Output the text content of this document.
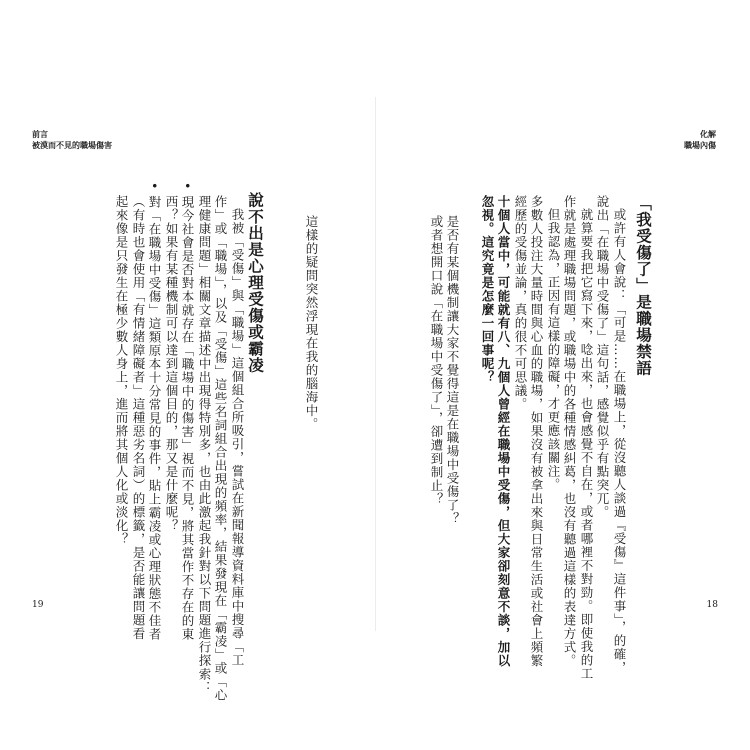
前言
被漠而不見的職場傷害
19
起來像是只發生在極少數人身上，進而將其個人化或淡化？ （有時也會使用「有情緒障礙者」這種惡劣名詞）的標籤，是否能讓問題看 • 對「在職場中受傷」這類原本十分常見的事件，貼上霸凌或心理狀態不佳者 西？如果有某種機制可以達到這個目的，那又是什麼呢？ • 現今社會是否對本就存在「職場中的傷害」視而不見，將其當作不存在的東 理健康問題」相關文章描述中出現得特別多，也由此激起我針對以下問題進行探索： 作」或「職場」，以及「受傷」這些名詞組合出現的頻率，結果發現在「霸凌」或「心 我被「受傷」與「職場」這個組合所吸引，嘗試在新聞報導資料庫中搜尋「工 說不出是心理受傷或霸凌	這樣的疑問突然浮現在我的腦海中。
化解
職場內傷
18
或者想開口說「在職場中受傷了」，卻遭到制止？ 是否有某個機制讓大家不覺得這是在職場中受傷了？ 忽視。這究竟是怎麼一回事呢？ 十個人當中，可能就有八、九個人曾經在職場中受傷，但大家卻刻意不談，加以 經歷的受傷並論，真的很不可思議。 多數人投注大量時間與心血的職場，如果沒有被拿出來與日常生活或社會上頻繁 但我認為，正因有這樣的障礙，才更應該關注。 作就是處理職場問題，或職場中的各種情感糾葛，也沒有聽過這樣的表達方式。 就算要我把它寫下來，唸出來，也會感覺不自在，或者哪裡不對勁。即使我的工 說出「在職場中受傷了」這句話，感覺似乎有點突兀。 或許有人會說：「可是……在職場上，從沒聽人談過『受傷』這件事」，的確， 「我受傷了」是職場禁語
